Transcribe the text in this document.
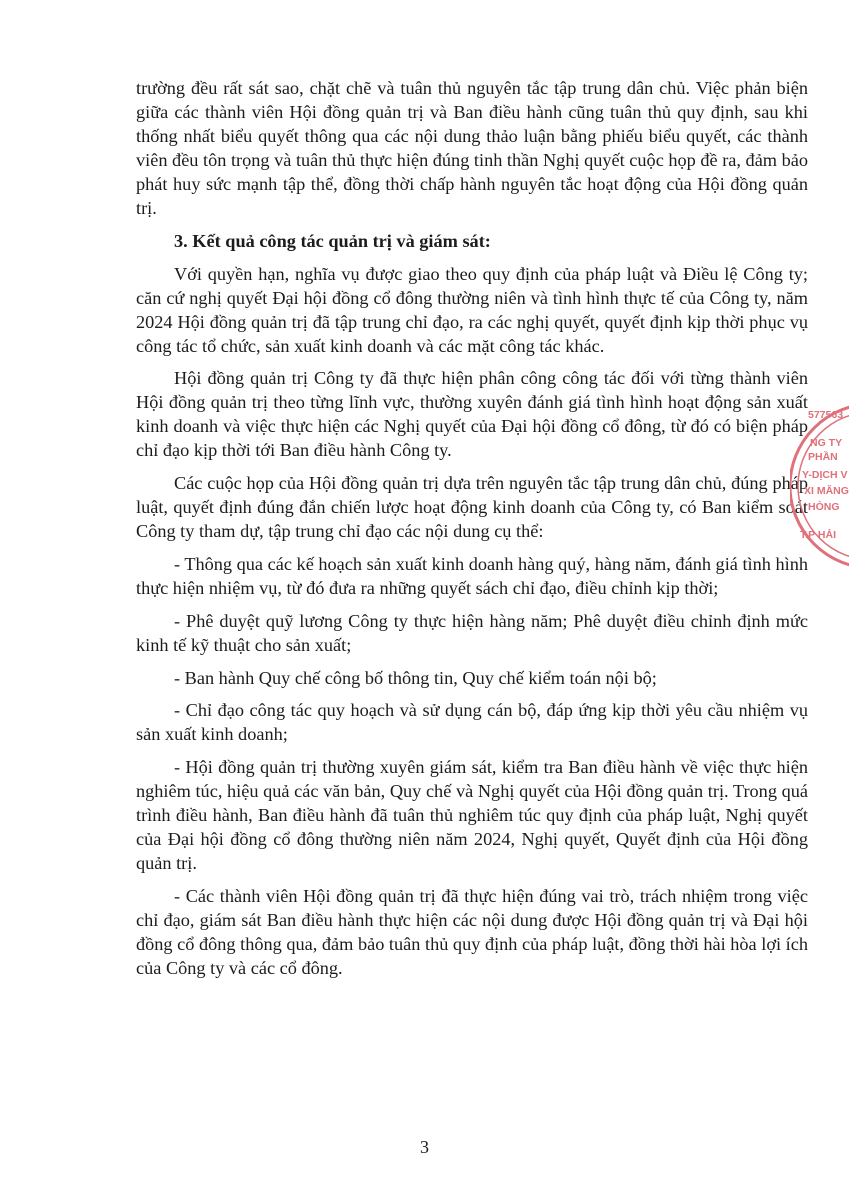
trường đều rất sát sao, chặt chẽ và tuân thủ nguyên tắc tập trung dân chủ. Việc phản biện giữa các thành viên Hội đồng quản trị và Ban điều hành cũng tuân thủ quy định, sau khi thống nhất biểu quyết thông qua các nội dung thảo luận bằng phiếu biểu quyết, các thành viên đều tôn trọng và tuân thủ thực hiện đúng tinh thần Nghị quyết cuộc họp đề ra, đảm bảo phát huy sức mạnh tập thể, đồng thời chấp hành nguyên tắc hoạt động của Hội đồng quản trị.

3. Kết quả công tác quản trị và giám sát:

Với quyền hạn, nghĩa vụ được giao theo quy định của pháp luật và Điều lệ Công ty; căn cứ nghị quyết Đại hội đồng cổ đông thường niên và tình hình thực tế của Công ty, năm 2024 Hội đồng quản trị đã tập trung chỉ đạo, ra các nghị quyết, quyết định kịp thời phục vụ công tác tổ chức, sản xuất kinh doanh và các mặt công tác khác.

Hội đồng quản trị Công ty đã thực hiện phân công công tác đối với từng thành viên Hội đồng quản trị theo từng lĩnh vực, thường xuyên đánh giá tình hình hoạt động sản xuất kinh doanh và việc thực hiện các Nghị quyết của Đại hội đồng cổ đông, từ đó có biện pháp chỉ đạo kịp thời tới Ban điều hành Công ty.

Các cuộc họp của Hội đồng quản trị dựa trên nguyên tắc tập trung dân chủ, đúng pháp luật, quyết định đúng đắn chiến lược hoạt động kinh doanh của Công ty, có Ban kiểm soát Công ty tham dự, tập trung chỉ đạo các nội dung cụ thể:

- Thông qua các kế hoạch sản xuất kinh doanh hàng quý, hàng năm, đánh giá tình hình thực hiện nhiệm vụ, từ đó đưa ra những quyết sách chỉ đạo, điều chỉnh kịp thời;

- Phê duyệt quỹ lương Công ty thực hiện hàng năm; Phê duyệt điều chỉnh định mức kinh tế kỹ thuật cho sản xuất;

- Ban hành Quy chế công bố thông tin, Quy chế kiểm toán nội bộ;

- Chỉ đạo công tác quy hoạch và sử dụng cán bộ, đáp ứng kịp thời yêu cầu nhiệm vụ sản xuất kinh doanh;

- Hội đồng quản trị thường xuyên giám sát, kiểm tra Ban điều hành về việc thực hiện nghiêm túc, hiệu quả các văn bản, Quy chế và Nghị quyết của Hội đồng quản trị. Trong quá trình điều hành, Ban điều hành đã tuân thủ nghiêm túc quy định của pháp luật, Nghị quyết của Đại hội đồng cổ đông thường niên năm 2024, Nghị quyết, Quyết định của Hội đồng quản trị.

- Các thành viên Hội đồng quản trị đã thực hiện đúng vai trò, trách nhiệm trong việc chỉ đạo, giám sát Ban điều hành thực hiện các nội dung được Hội đồng quản trị và Đại hội đồng cổ đông thông qua, đảm bảo tuân thủ quy định của pháp luật, đồng thời hài hòa lợi ích của Công ty và các cổ đông.

577563
NG TY
PHẦN
Y-DỊCH V
XI MĂNG
HÒNG
T.P HẢI
3
